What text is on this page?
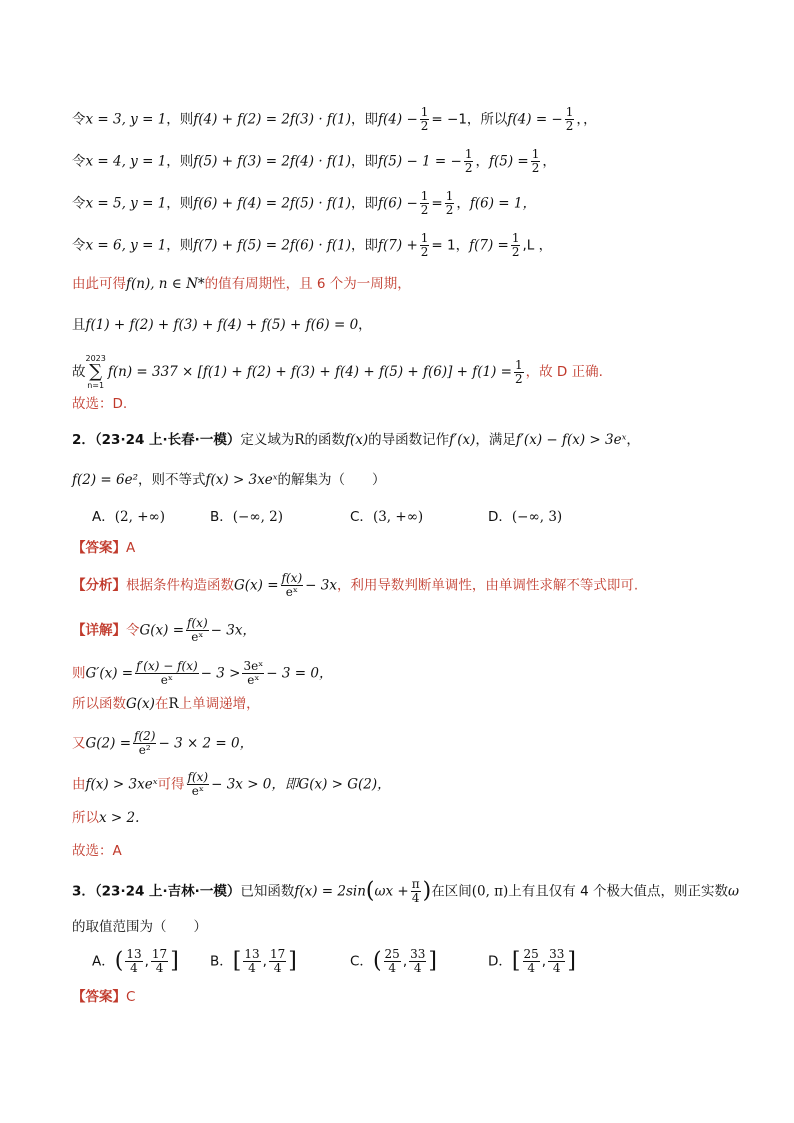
令x = 3, y = 1，则f(4) + f(2) = 2f(3) · f(1)，即$f(4) - \frac{1}{2} = -1$，所以f(4) = − $\frac{1}{2}$ ，，
令x = 4, y = 1，则f(5) + f(3) = 2f(4) · f(1)，即f(5) − 1 = − $\frac{1}{2}$ ，$f(5) = \frac{1}{2}$ ，
令x = 5, y = 1，则f(6) + f(4) = 2f(5) · f(1)，即$f(6) - \frac{1}{2} = \frac{1}{2}$ ，f(6) = 1，
令x = 6, y = 1，则f(7) + f(5) = 2f(6) · f(1)，即$f(7) + \frac{1}{2} = 1$，$f(7) = \frac{1}{2} ,L$ ，
由此可得f(n), n ∈ N*的值有周期性，且 6 个为一周期，
且f(1) + f(2) + f(3) + f(4) + f(5) + f(6) = 0，
故2023
∑
$n=1f(n) = 337 \times [f(1) + f(2) + f(3) + f(4) + f(5) + f(6)] + f(1) = \frac{1}{2}$ ，故 D 正确.
故选：D.
2．（23·24 上·长春·一模）定义域为R的函数f(x)的导函数记作f′(x)，满足f′(x) − f(x) > 3eˣ，
f(2) = 6e²，则不等式f(x) > 3xeˣ的解集为（　　）
A．(2, +∞)	B．(−∞, 2)	C．(3, +∞)	D．(−∞, 3)
【答案】A
【分析】根据条件构造函数$G(x) = \frac{f(x)}{\text{eˣ}} - 3x$，利用导数判断单调性，由单调性求解不等式即可.
【详解】令$G(x) = \frac{f(x)}{\text{eˣ}} - 3x$，
则$G'(x) = \frac{f'(x) - f(x)}{\text{eˣ}} - 3 > \frac{\text{3eˣ}}{\text{eˣ}} - 3 = 0$，
所以函数G(x)在R上单调递增，
又$G(2) = \frac{f(2)}{\text{e²}} - 3 \times 2 = 0$，
由f(x) > 3xeˣ可得 $\frac{f(x)}{\text{eˣ}} - 3x > 0$，即G(x) > G(2)，
所以x > 2.
故选：A
3．（23·24 上·吉林·一模）已知函数$f(x) = 2\sin(\omega x + \frac{\pi}{4}$ )在区间(0, π)上有且仅有 4 个极大值点，则正实数ω
的取值范围为（　　）
A．( $\frac{13}{4}$ , $\frac{17}{4}$ ] B．[ $\frac{13}{4}$ , $\frac{17}{4}$ ]	C．( $\frac{25}{4}$ , $\frac{33}{4}$ ]	D．[ $\frac{25}{4}$ , $\frac{33}{4}$ ]
【答案】C
